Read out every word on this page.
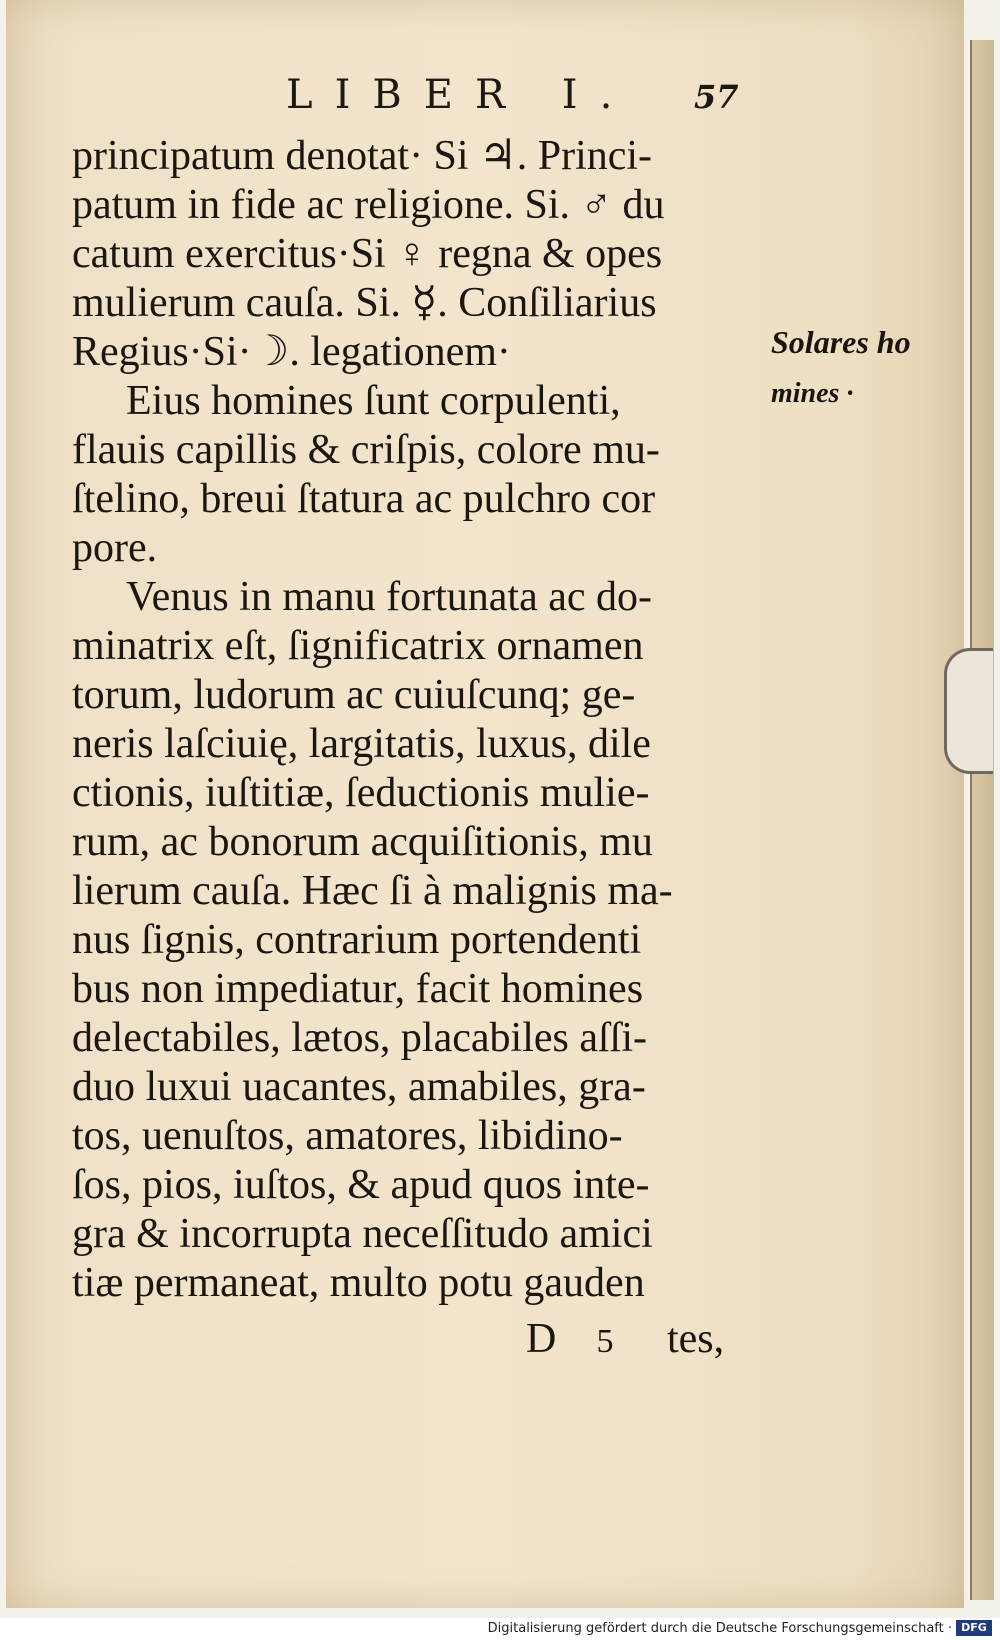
LIBER I. 57
principatum denotat· Si ♃. Princi-
patum in fide ac religione. Si. ♂ du
catum exercitus·Si ♀ regna & opes
mulierum cauſa. Si. ☿. Conſiliarius
Regius·Si·☽. legationem·
Eius homines ſunt corpulenti,
flauis capillis & criſpis, colore mu-
ſtelino, breui ſtatura ac pulchro cor
pore.
Venus in manu fortunata ac do-
minatrix eſt, ſignificatrix ornamen
torum, ludorum ac cuiuſcunq; ge-
neris laſciuię, largitatis, luxus, dile
ctionis, iuſtitiæ, ſeductionis mulie-
rum, ac bonorum acquiſitionis, mu
lierum cauſa. Hæc ſi à malignis ma-
nus ſignis, contrarium portendenti
bus non impediatur, facit homines
delectabiles, lætos, placabiles aſſi-
duo luxui uacantes, amabiles, gra-
tos, uenuſtos, amatores, libidino-
ſos, pios, iuſtos, & apud quos inte-
gra & incorrupta neceſſitudo amici
tiæ permaneat, multo potu gauden
Solares ho
mines ·
D 5 tes,
Digitalisierung gefördert durch die Deutsche Forschungsgemeinschaft · DFG
